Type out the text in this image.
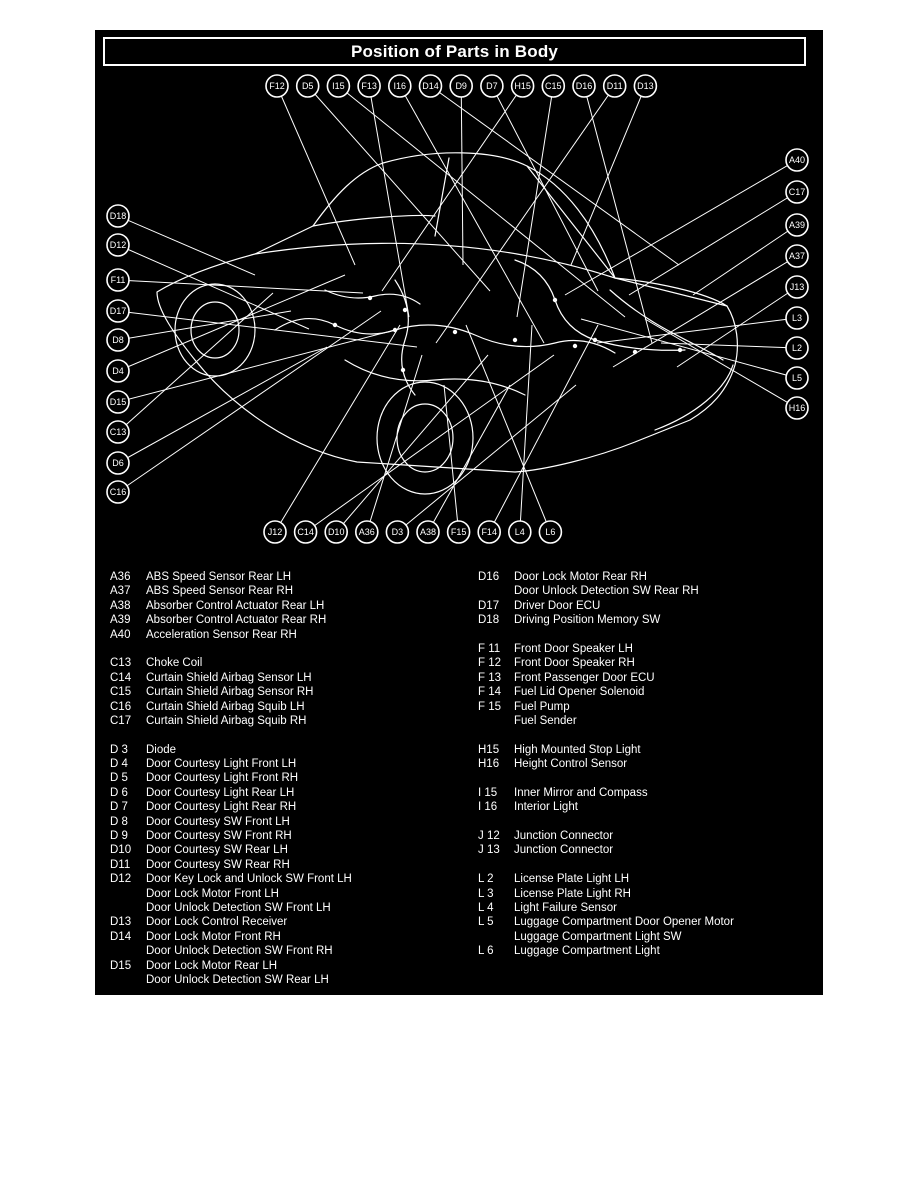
Position of Parts in Body
F12 D5 I15 F13 I16 D14 D9 D7 H15 C15 D16 D11 D13
D18
D12
F11
D17
D8
D4
D15
C13
D6
C16
A40
C17
A39
A37
J13
L3
L2
L5
H16
J12 C14 D10 A36 D3 A38 F15 F14 L4 L6
A36	ABS Speed Sensor Rear LH
A37	ABS Speed Sensor Rear RH
A38	Absorber Control Actuator Rear LH
A39	Absorber Control Actuator Rear RH
A40	Acceleration Sensor Rear RH
C13	Choke Coil
C14	Curtain Shield Airbag Sensor LH
C15	Curtain Shield Airbag Sensor RH
C16	Curtain Shield Airbag Squib LH
C17	Curtain Shield Airbag Squib RH
D 3	Diode
D 4	Door Courtesy Light Front LH
D 5	Door Courtesy Light Front RH
D 6	Door Courtesy Light Rear LH
D 7	Door Courtesy Light Rear RH
D 8	Door Courtesy SW Front LH
D 9	Door Courtesy SW Front RH
D10	Door Courtesy SW Rear LH
D11	Door Courtesy SW Rear RH
D12	Door Key Lock and Unlock SW Front LH
Door Lock Motor Front LH
Door Unlock Detection SW Front LH
D13	Door Lock Control Receiver
D14	Door Lock Motor Front RH
Door Unlock Detection SW Front RH
D15	Door Lock Motor Rear LH
Door Unlock Detection SW Rear LH
D16	Door Lock Motor Rear RH
Door Unlock Detection SW Rear RH
D17	Driver Door ECU
D18	Driving Position Memory SW
F 11	Front Door Speaker LH
F 12	Front Door Speaker RH
F 13	Front Passenger Door ECU
F 14	Fuel Lid Opener Solenoid
F 15	Fuel Pump
Fuel Sender
H15	High Mounted Stop Light
H16	Height Control Sensor
I 15	Inner Mirror and Compass
I 16	Interior Light
J 12	Junction Connector
J 13	Junction Connector
L 2	License Plate Light LH
L 3	License Plate Light RH
L 4	Light Failure Sensor
L 5	Luggage Compartment Door Opener Motor
Luggage Compartment Light SW
L 6	Luggage Compartment Light
